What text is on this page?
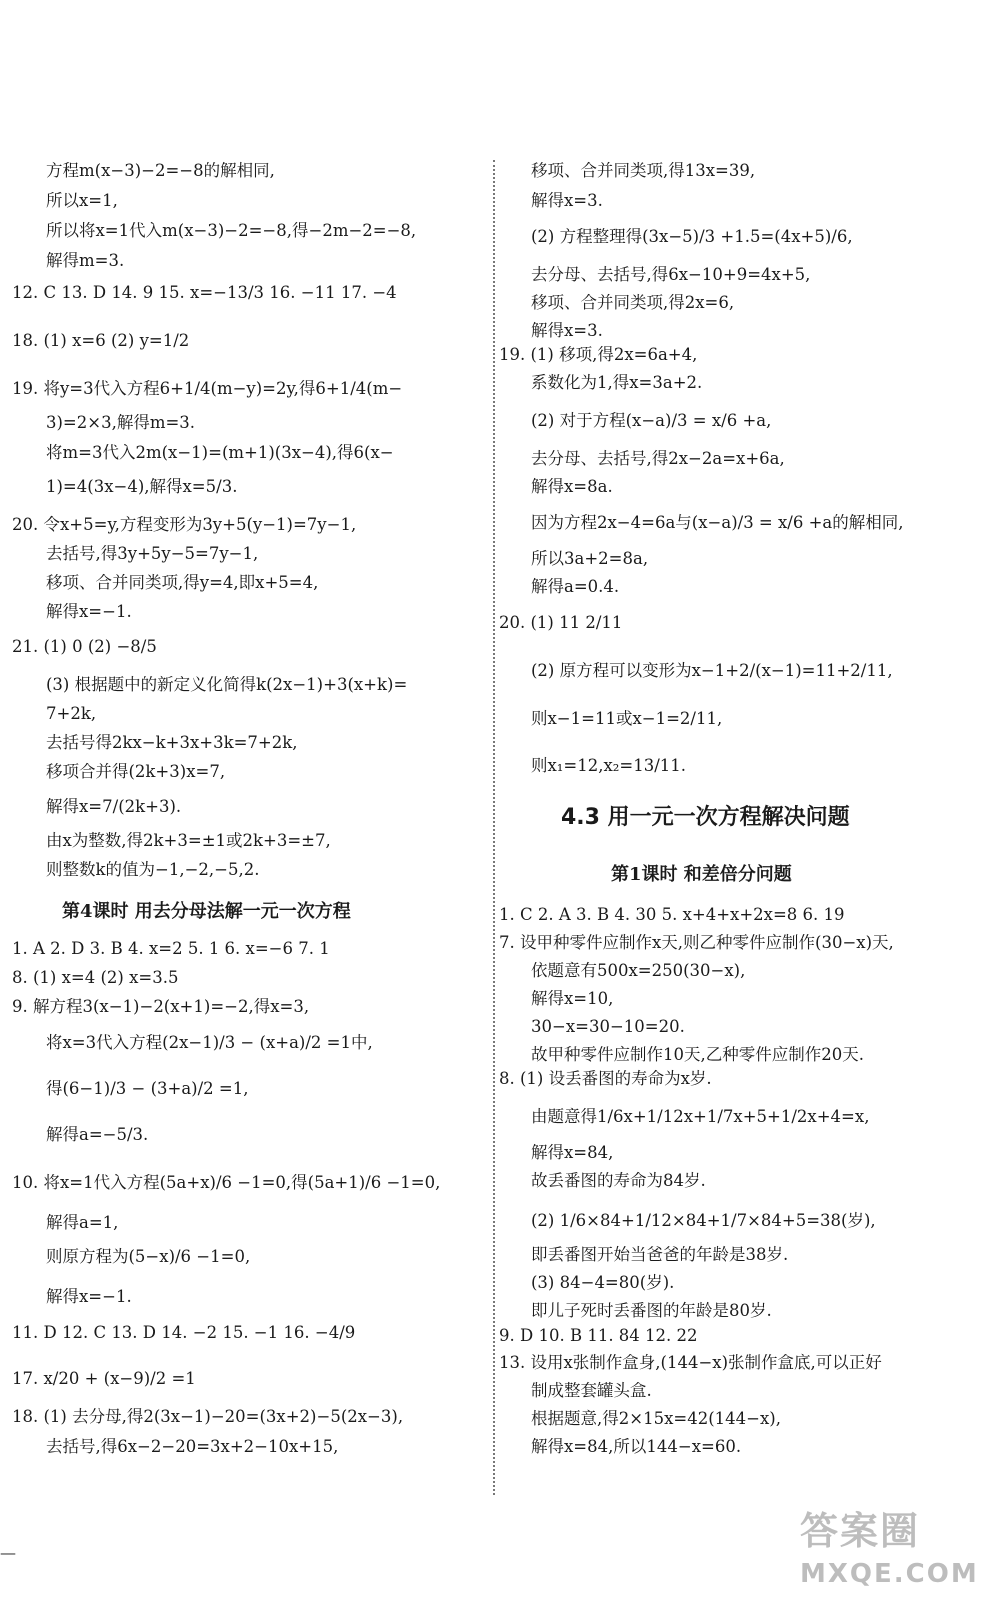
方程m(x−3)−2=−8的解相同,
所以x=1,
所以将x=1代入m(x−3)−2=−8,得−2m−2=−8,
解得m=3.
12. C 13. D 14. 9 15. x=−13/3 16. −11 17. −4
18. (1) x=6 (2) y=1/2
19. 将y=3代入方程6+1/4(m−y)=2y,得6+1/4(m−
3)=2×3,解得m=3.
将m=3代入2m(x−1)=(m+1)(3x−4),得6(x−
1)=4(3x−4),解得x=5/3.
20. 令x+5=y,方程变形为3y+5(y−1)=7y−1,
去括号,得3y+5y−5=7y−1,
移项、合并同类项,得y=4,即x+5=4,
解得x=−1.
21. (1) 0 (2) −8/5
(3) 根据题中的新定义化简得k(2x−1)+3(x+k)=
7+2k,
去括号得2kx−k+3x+3k=7+2k,
移项合并得(2k+3)x=7,
解得x=7/(2k+3).
由x为整数,得2k+3=±1或2k+3=±7,
则整数k的值为−1,−2,−5,2.
第4课时 用去分母法解一元一次方程
1. A 2. D 3. B 4. x=2 5. 1 6. x=−6 7. 1
8. (1) x=4 (2) x=3.5
9. 解方程3(x−1)−2(x+1)=−2,得x=3,
将x=3代入方程(2x−1)/3 − (x+a)/2 =1中,
得(6−1)/3 − (3+a)/2 =1,
解得a=−5/3.
10. 将x=1代入方程(5a+x)/6 −1=0,得(5a+1)/6 −1=0,
解得a=1,
则原方程为(5−x)/6 −1=0,
解得x=−1.
11. D 12. C 13. D 14. −2 15. −1 16. −4/9
17. x/20 + (x−9)/2 =1
18. (1) 去分母,得2(3x−1)−20=(3x+2)−5(2x−3),
去括号,得6x−2−20=3x+2−10x+15,
移项、合并同类项,得13x=39,
解得x=3.
(2) 方程整理得(3x−5)/3 +1.5=(4x+5)/6,
去分母、去括号,得6x−10+9=4x+5,
移项、合并同类项,得2x=6,
解得x=3.
19. (1) 移项,得2x=6a+4,
系数化为1,得x=3a+2.
(2) 对于方程(x−a)/3 = x/6 +a,
去分母、去括号,得2x−2a=x+6a,
解得x=8a.
因为方程2x−4=6a与(x−a)/3 = x/6 +a的解相同,
所以3a+2=8a,
解得a=0.4.
20. (1) 11 2/11
(2) 原方程可以变形为x−1+2/(x−1)=11+2/11,
则x−1=11或x−1=2/11,
则x₁=12,x₂=13/11.
4.3 用一元一次方程解决问题
第1课时 和差倍分问题
1. C 2. A 3. B 4. 30 5. x+4+x+2x=8 6. 19
7. 设甲种零件应制作x天,则乙种零件应制作(30−x)天,
依题意有500x=250(30−x),
解得x=10,
30−x=30−10=20.
故甲种零件应制作10天,乙种零件应制作20天.
8. (1) 设丢番图的寿命为x岁.
由题意得1/6x+1/12x+1/7x+5+1/2x+4=x,
解得x=84,
故丢番图的寿命为84岁.
(2) 1/6×84+1/12×84+1/7×84+5=38(岁),
即丢番图开始当爸爸的年龄是38岁.
(3) 84−4=80(岁).
即儿子死时丢番图的年龄是80岁.
9. D 10. B 11. 84 12. 22
13. 设用x张制作盒身,(144−x)张制作盒底,可以正好
制成整套罐头盒.
根据题意,得2×15x=42(144−x),
解得x=84,所以144−x=60.
—	答案圈
MXQE.COM
